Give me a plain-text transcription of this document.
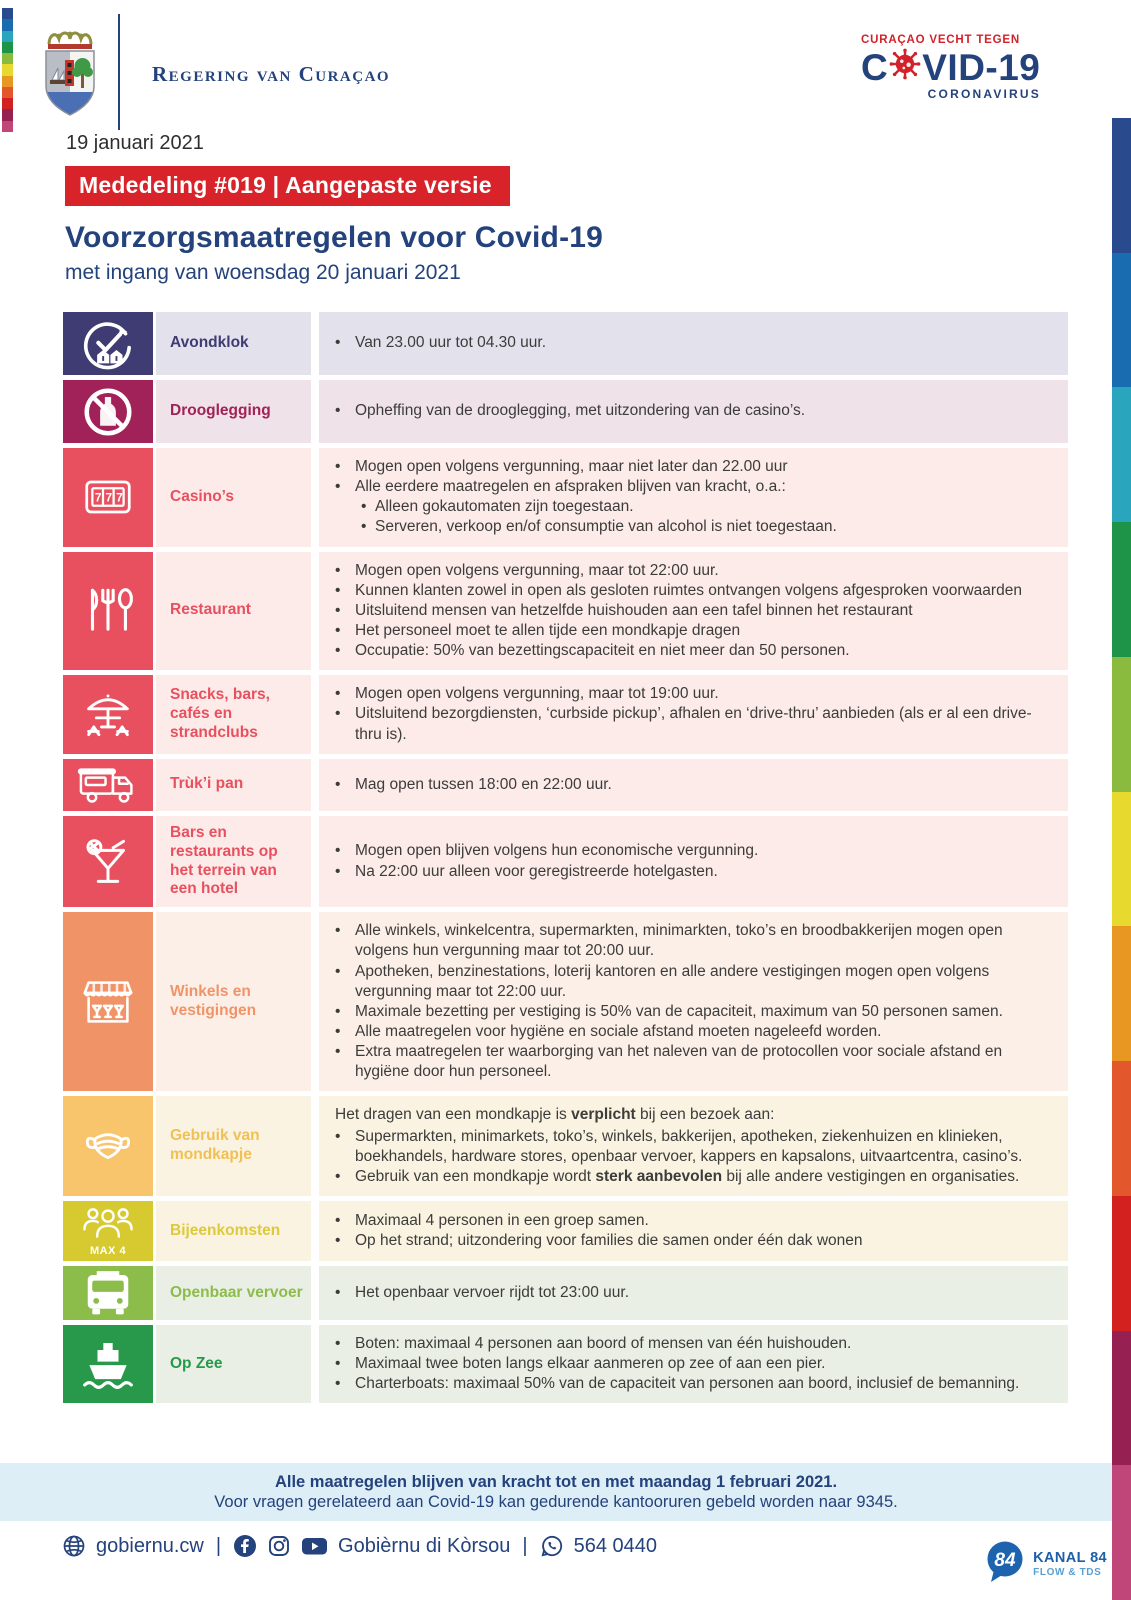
Regering van Curaçao
CURAÇAO VECHT TEGEN
C VID-19
CORONAVIRUS
19 januari 2021
Mededeling #019 | Aangepaste versie
Voorzorgsmaatregelen voor Covid-19
met ingang van woensdag 20 januari 2021
Avondklok	• Van 23.00 uur tot 04.30 uur.
Drooglegging	• Opheffing van de drooglegging, met uitzondering van de casino’s.
7 7 7	Casino’s
• Mogen open volgens vergunning, maar niet later dan 22.00 uur
• Alle eerdere maatregelen en afspraken blijven van kracht, o.a.:
• Alleen gokautomaten zijn toegestaan.
• Serveren, verkoop en/of consumptie van alcohol is niet toegestaan.
Restaurant
• Mogen open volgens vergunning, maar tot 22:00 uur.
• Kunnen klanten zowel in open als gesloten ruimtes ontvangen volgens afgesproken voorwaarden
• Uitsluitend mensen van hetzelfde huishouden aan een tafel binnen het restaurant
• Het personeel moet te allen tijde een mondkapje dragen
• Occupatie: 50% van bezettingscapaciteit en niet meer dan 50 personen.
Snacks, bars, cafés en strandclubs
• Mogen open volgens vergunning, maar tot 19:00 uur.
• Uitsluitend bezorgdiensten, ‘curbside pickup’, afhalen en ‘drive-thru’ aanbieden (als er al een drive-thru is).
Trùk’i pan	• Mag open tussen 18:00 en 22:00 uur.
Bars en restaurants op het terrein van een hotel
• Mogen open blijven volgens hun economische vergunning.
• Na 22:00 uur alleen voor geregistreerde hotelgasten.
Winkels en vestigingen
• Alle winkels, winkelcentra, supermarkten, minimarkten, toko’s en broodbakkerijen mogen open volgens hun vergunning maar tot 20:00 uur.
• Apotheken, benzinestations, loterij kantoren en alle andere vestigingen mogen open volgens vergunning maar tot 22:00 uur.
• Maximale bezetting per vestiging is 50% van de capaciteit, maximum van 50 personen samen.
• Alle maatregelen voor hygiëne en sociale afstand moeten nageleefd worden.
• Extra maatregelen ter waarborging van het naleven van de protocollen voor sociale afstand en hygiëne door hun personeel.
Gebruik van mondkapje
Het dragen van een mondkapje is verplicht bij een bezoek aan:
• Supermarkten, minimarkets, toko’s, winkels, bakkerijen, apotheken, ziekenhuizen en klinieken, boekhandels, hardware stores, openbaar vervoer, kappers en kapsalons, uitvaartcentra, casino’s.
• Gebruik van een mondkapje wordt sterk aanbevolen bij alle andere vestigingen en organisaties.
MAX 4
Bijeenkomsten
• Maximaal 4 personen in een groep samen.
• Op het strand; uitzondering voor families die samen onder één dak wonen
Openbaar vervoer	• Het openbaar vervoer rijdt tot 23:00 uur.
Op Zee
• Boten: maximaal 4 personen aan boord of mensen van één huishouden.
• Maximaal twee boten langs elkaar aanmeren op zee of aan een pier.
• Charterboats: maximaal 50% van de capaciteit van personen aan boord, inclusief de bemanning.
Alle maatregelen blijven van kracht tot en met maandag 1 februari 2021.
Voor vragen gerelateerd aan Covid-19 kan gedurende kantooruren gebeld worden naar 9345.
gobiernu.cw |	Gobièrnu di Kòrsou | 564 0440
84 KANAL 84
FLOW & TDS
